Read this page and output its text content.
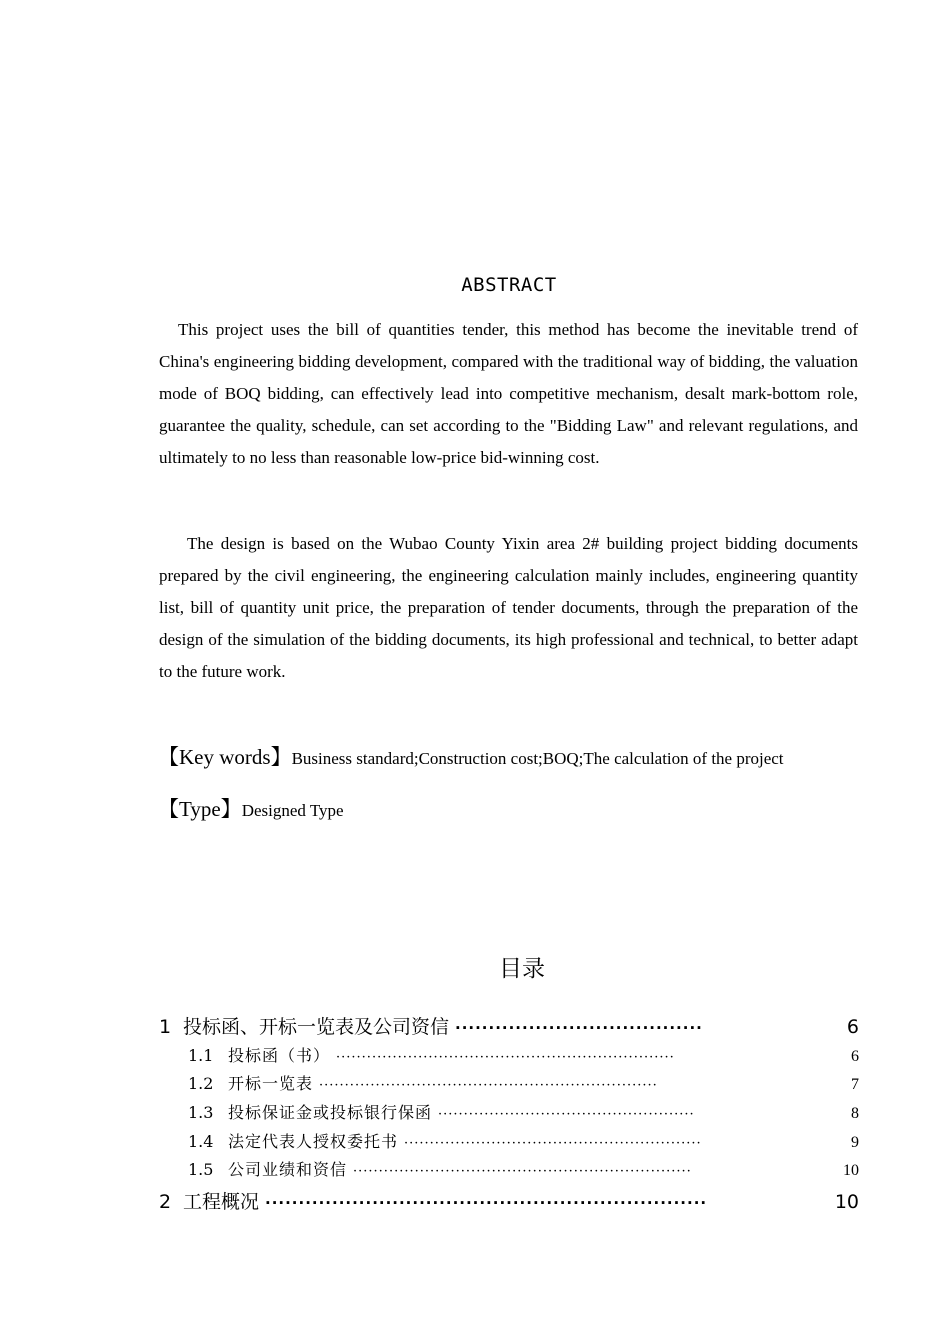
ABSTRACT

This project uses the bill of quantities tender, this method has become the inevitable trend of China's engineering bidding development, compared with the traditional way of bidding, the valuation mode of BOQ bidding, can effectively lead into competitive mechanism, desalt mark-bottom role, guarantee the quality, schedule, can set according to the "Bidding Law" and relevant regulations, and ultimately to no less than reasonable low-price bid-winning cost.

The design is based on the Wubao County Yixin area 2# building project bidding documents prepared by the civil engineering, the engineering calculation mainly includes, engineering quantity list, bill of quantity unit price, the preparation of tender documents, through the preparation of the design of the simulation of the bidding documents, its high professional and technical, to better adapt to the future work.

【Key words】Business standard;Construction cost;BOQ;The calculation of the project
【Type】Designed Type
目录
1 投标函、开标一览表及公司资信 ·····································	6
1.1 投标函（书） ··································································	6
1.2 开标一览表 ··································································	7
1.3 投标保证金或投标银行保函 ··················································	8
1.4 法定代表人授权委托书 ··························································	9
1.5 公司业绩和资信 ··································································	10
2 工程概况 ··································································	10
